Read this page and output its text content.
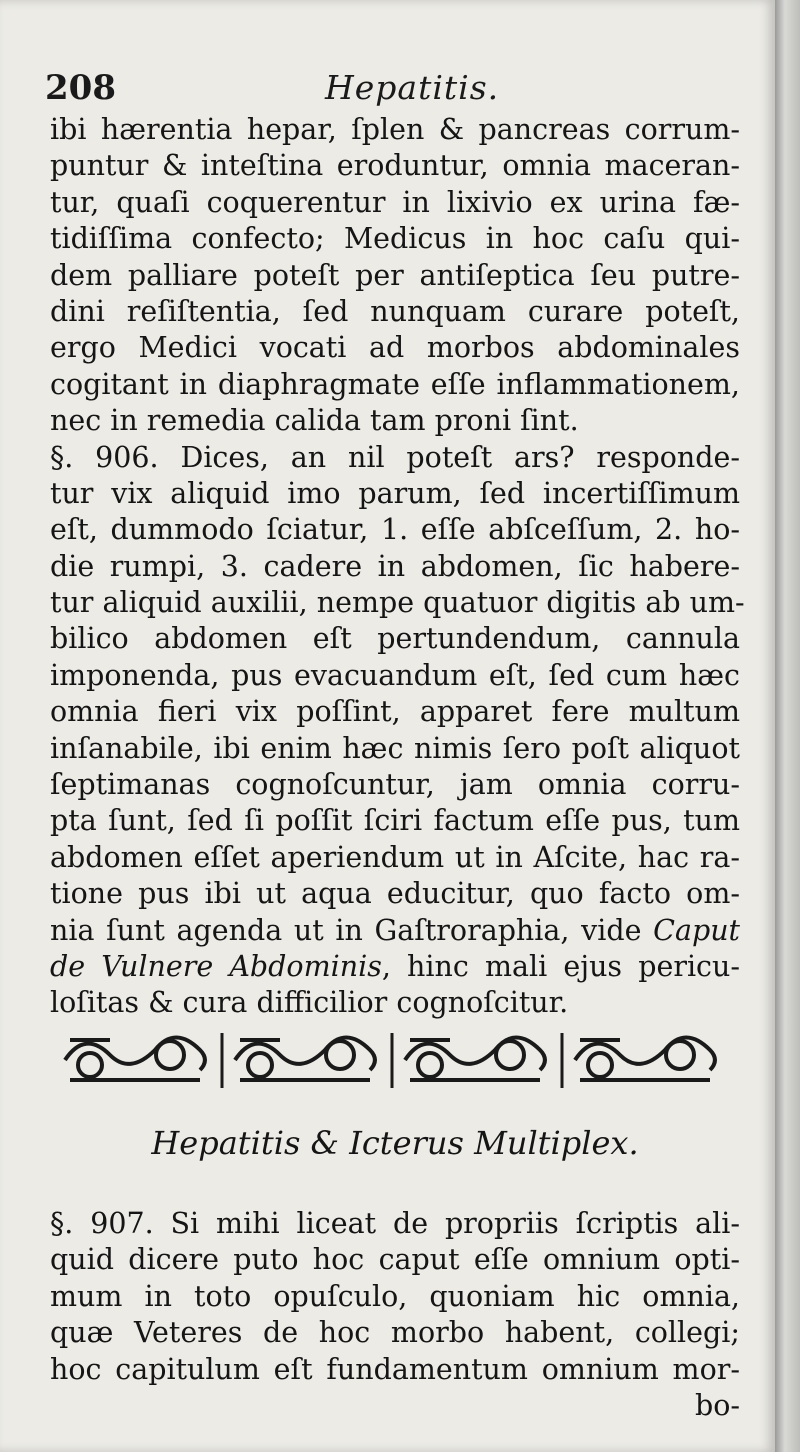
208	Hepatitis.
ibi hærentia hepar, ſplen & pancreas corrum-
puntur & inteſtina eroduntur, omnia maceran-
tur, quaſi coquerentur in lixivio ex urina fæ-
tidiſſima confecto; Medicus in hoc caſu qui-
dem palliare poteſt per antiſeptica ſeu putre-
dini reſiſtentia, ſed nunquam curare poteſt,
ergo Medici vocati ad morbos abdominales
cogitant in diaphragmate eſſe inflammationem,
nec in remedia calida tam proni ſint.
§. 906. Dices, an nil poteſt ars? responde-
tur vix aliquid imo parum, ſed incertiſſimum
eſt, dummodo ſciatur, 1. eſſe abſceſſum, 2. ho-
die rumpi, 3. cadere in abdomen, ſic habere-
tur aliquid auxilii, nempe quatuor digitis ab um-
bilico abdomen eſt pertundendum, cannula
imponenda, pus evacuandum eſt, ſed cum hæc
omnia fieri vix poſſint, apparet fere multum
inſanabile, ibi enim hæc nimis ſero poſt aliquot
ſeptimanas cognoſcuntur, jam omnia corru-
pta ſunt, ſed ſi poſſit ſciri factum eſſe pus, tum
abdomen eſſet aperiendum ut in Aſcite, hac ra-
tione pus ibi ut aqua educitur, quo facto om-
nia ſunt agenda ut in Gaſtroraphia, vide Caput
de Vulnere Abdominis, hinc mali ejus pericu-
loſitas & cura difficilior cognoſcitur.
Hepatitis & Icterus Multiplex.
§. 907. Si mihi liceat de propriis ſcriptis ali-
quid dicere puto hoc caput eſſe omnium opti-
mum in toto opuſculo, quoniam hic omnia,
quæ Veteres de hoc morbo habent, collegi;
hoc capitulum eſt fundamentum omnium mor-
bo-
